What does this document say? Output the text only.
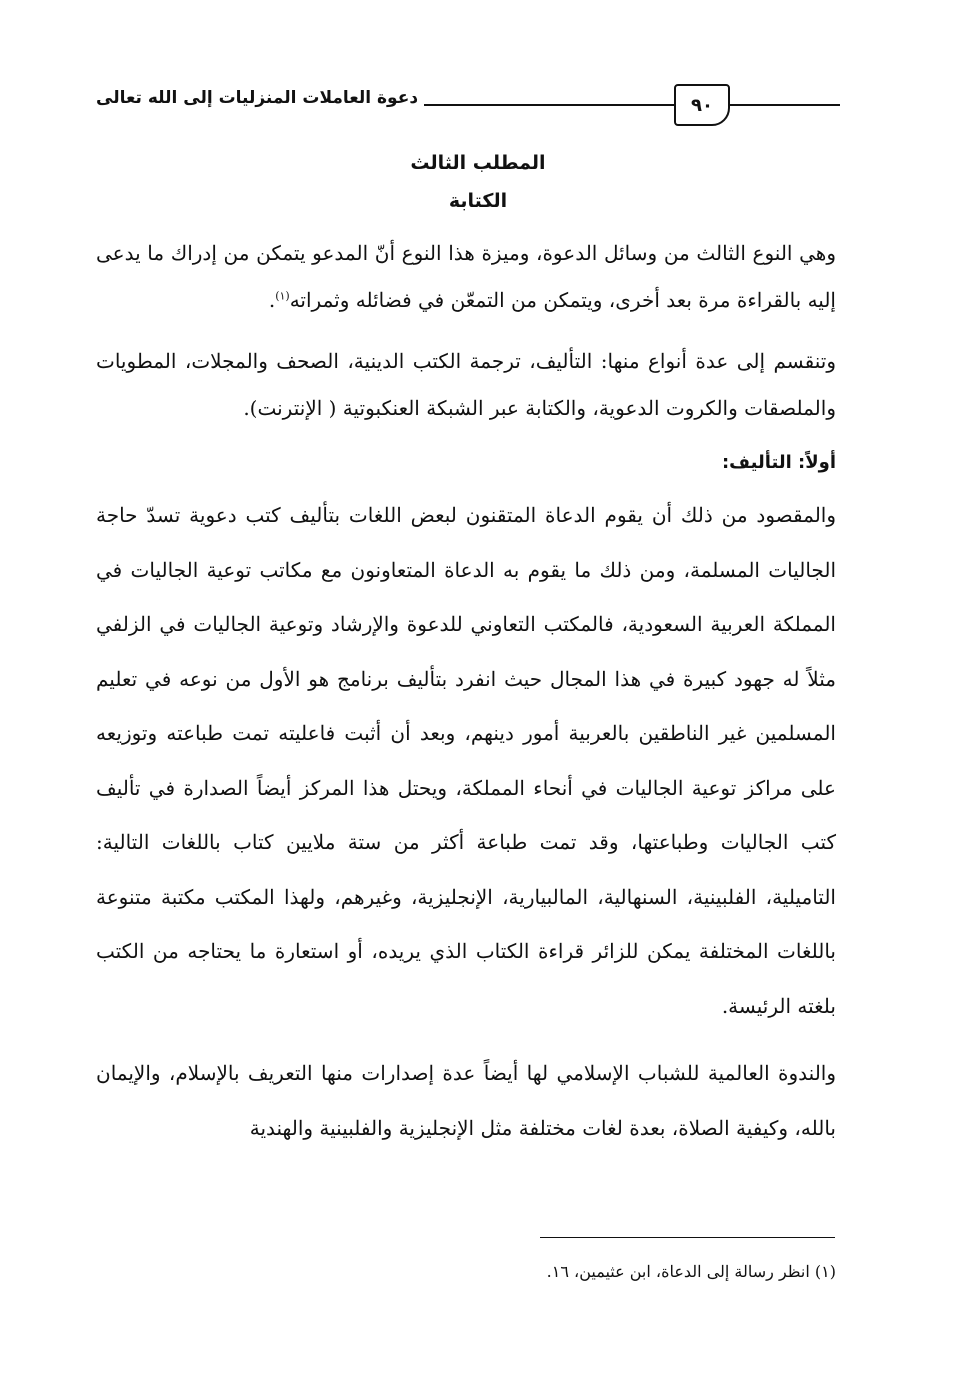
دعوة العاملات المنزليات إلى الله تعالى	٩٠
المطلب الثالث
الكتابة

وهي النوع الثالث من وسائل الدعوة، وميزة هذا النوع أنّ المدعو يتمكن من إدراك ما يدعى إليه بالقراءة مرة بعد أخرى، ويتمكن من التمعّن في فضائله وثمراته$^{(١)}$.

وتنقسم إلى عدة أنواع منها: التأليف، ترجمة الكتب الدينية، الصحف والمجلات، المطويات والملصقات والكروت الدعوية، والكتابة عبر الشبكة العنكبوتية ( الإنترنت).

أولاً: التأليف:

والمقصود من ذلك أن يقوم الدعاة المتقنون لبعض اللغات بتأليف كتب دعوية تسدّ حاجة الجاليات المسلمة، ومن ذلك ما يقوم به الدعاة المتعاونون مع مكاتب توعية الجاليات في المملكة العربية السعودية، فالمكتب التعاوني للدعوة والإرشاد وتوعية الجاليات في الزلفي مثلاً له جهود كبيرة في هذا المجال حيث انفرد بتأليف برنامج هو الأول من نوعه في تعليم المسلمين غير الناطقين بالعربية أمور دينهم، وبعد أن أثبت فاعليته تمت طباعته وتوزيعه على مراكز توعية الجاليات في أنحاء المملكة، ويحتل هذا المركز أيضاً الصدارة في تأليف كتب الجاليات وطباعتها، وقد تمت طباعة أكثر من ستة ملايين كتاب باللغات التالية: التاميلية، الفلبينية، السنهالية، المالبيارية، الإنجليزية، وغيرهم، ولهذا المكتب مكتبة متنوعة باللغات المختلفة يمكن للزائر قراءة الكتاب الذي يريده، أو استعارة ما يحتاجه من الكتب بلغته الرئيسة.

والندوة العالمية للشباب الإسلامي لها أيضاً عدة إصدارات منها التعريف بالإسلام، والإيمان بالله، وكيفية الصلاة، بعدة لغات مختلفة مثل الإنجليزية والفلبينية والهندية

(١) انظر رسالة إلى الدعاة، ابن عثيمين، ١٦.
